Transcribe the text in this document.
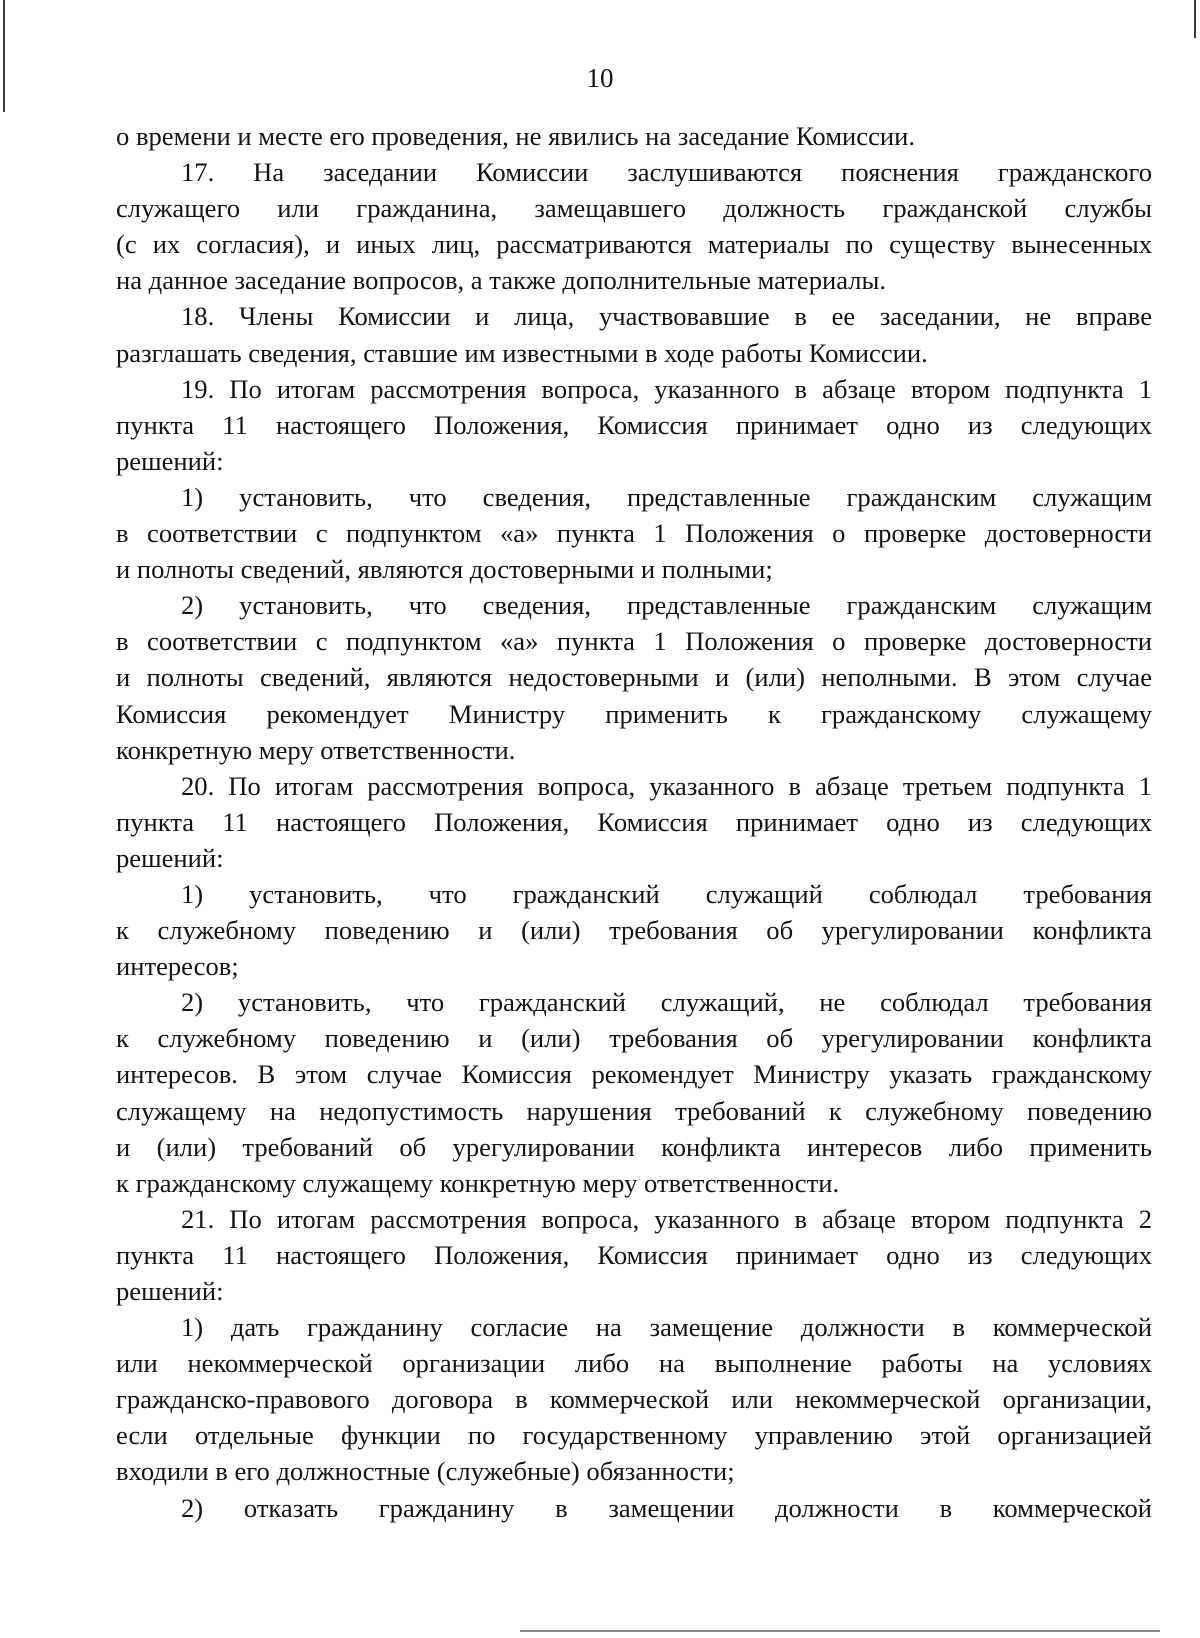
10
о времени и месте его проведения, не явились на заседание Комиссии.
17. На заседании Комиссии заслушиваются пояснения гражданского
служащего или гражданина, замещавшего должность гражданской службы
(с их согласия), и иных лиц, рассматриваются материалы по существу вынесенных
на данное заседание вопросов, а также дополнительные материалы.
18. Члены Комиссии и лица, участвовавшие в ее заседании, не вправе
разглашать сведения, ставшие им известными в ходе работы Комиссии.
19. По итогам рассмотрения вопроса, указанного в абзаце втором подпункта 1
пункта 11 настоящего Положения, Комиссия принимает одно из следующих
решений:
1) установить, что сведения, представленные гражданским служащим
в соответствии с подпунктом «а» пункта 1 Положения о проверке достоверности
и полноты сведений, являются достоверными и полными;
2) установить, что сведения, представленные гражданским служащим
в соответствии с подпунктом «а» пункта 1 Положения о проверке достоверности
и полноты сведений, являются недостоверными и (или) неполными. В этом случае
Комиссия рекомендует Министру применить к гражданскому служащему
конкретную меру ответственности.
20. По итогам рассмотрения вопроса, указанного в абзаце третьем подпункта 1
пункта 11 настоящего Положения, Комиссия принимает одно из следующих
решений:
1) установить, что гражданский служащий соблюдал требования
к служебному поведению и (или) требования об урегулировании конфликта
интересов;
2) установить, что гражданский служащий, не соблюдал требования
к служебному поведению и (или) требования об урегулировании конфликта
интересов. В этом случае Комиссия рекомендует Министру указать гражданскому
служащему на недопустимость нарушения требований к служебному поведению
и (или) требований об урегулировании конфликта интересов либо применить
к гражданскому служащему конкретную меру ответственности.
21. По итогам рассмотрения вопроса, указанного в абзаце втором подпункта 2
пункта 11 настоящего Положения, Комиссия принимает одно из следующих
решений:
1) дать гражданину согласие на замещение должности в коммерческой
или некоммерческой организации либо на выполнение работы на условиях
гражданско-правового договора в коммерческой или некоммерческой организации,
если отдельные функции по государственному управлению этой организацией
входили в его должностные (служебные) обязанности;
2) отказать гражданину в замещении должности в коммерческой
